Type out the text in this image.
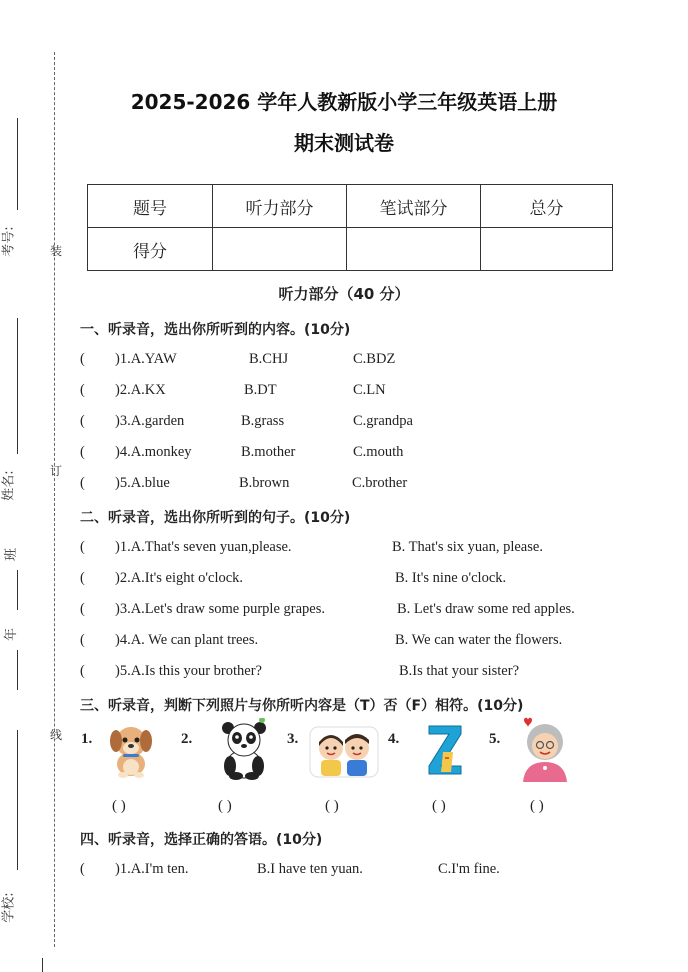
考号:
姓名:
班
年
学校:
装
订
线
2025-2026 学年人教新版小学三年级英语上册
期末测试卷
题号	听力部分	笔试部分	总分
得分			
听力部分（40 分）
一、听录音，选出你所听到的内容。(10分)
( )1.A.YAW	B.CHJ	C.BDZ
( )2.A.KX	B.DT	C.LN
( )3.A.garden	B.grass	C.grandpa
( )4.A.monkey	B.mother	C.mouth
( )5.A.blue	B.brown	C.brother
二、听录音，选出你所听到的句子。(10分)
( )1.A.That's seven yuan,please.	B. That's six yuan, please.
( )2.A.It's eight o'clock.	B. It's nine o'clock.
( )3.A.Let's draw some purple grapes.	B. Let's draw some red apples.
( )4.A. We can plant trees.	B. We can water the flowers.
( )5.A.Is this your brother?	B.Is that your sister?
三、听录音，判断下列照片与你所听内容是（T）否（F）相符。(10分)
1.	2.	3.	4.	5.
( )	( )	( )	( )	( )
四、听录音，选择正确的答语。(10分)
( )1.A.I'm ten.	B.I have ten yuan.	C.I'm fine.
